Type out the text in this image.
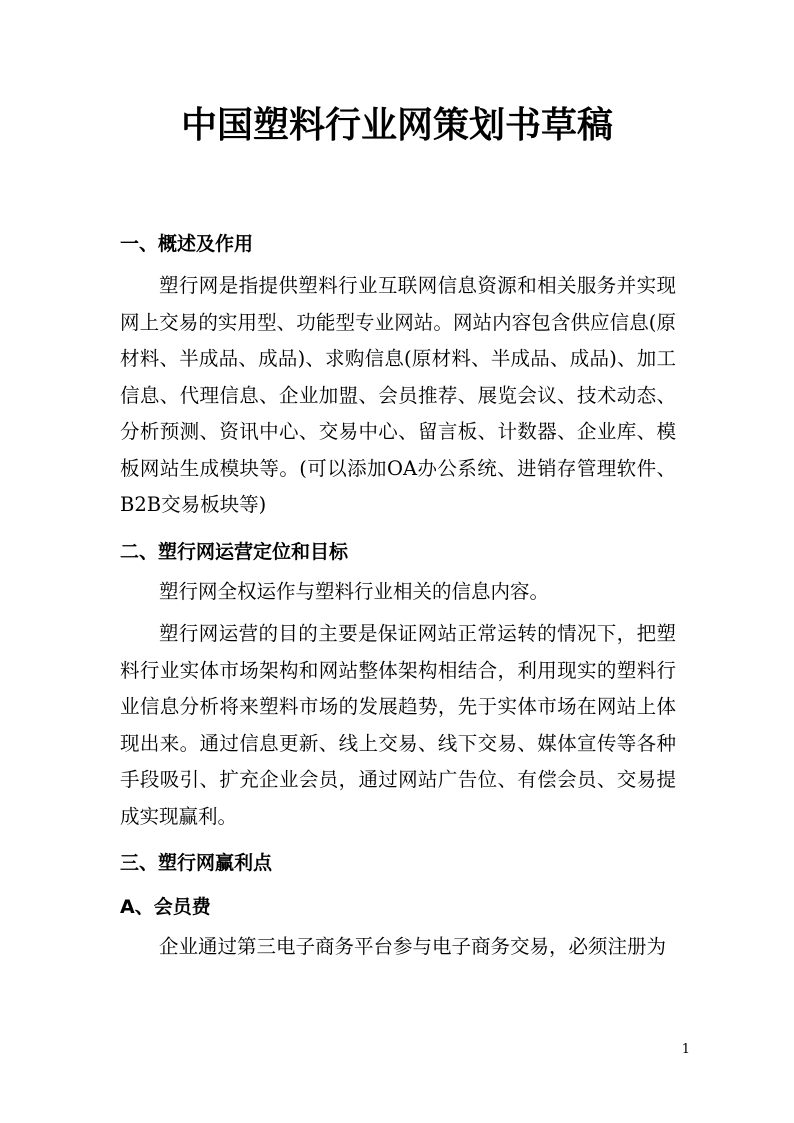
中国塑料行业网策划书草稿
一、概述及作用

塑行网是指提供塑料行业互联网信息资源和相关服务并实现网上交易的实用型、功能型专业网站。网站内容包含供应信息(原材料、半成品、成品)、求购信息(原材料、半成品、成品)、加工信息、代理信息、企业加盟、会员推荐、展览会议、技术动态、分析预测、资讯中心、交易中心、留言板、计数器、企业库、模板网站生成模块等。(可以添加OA办公系统、进销存管理软件、B2B交易板块等)

二、塑行网运营定位和目标

塑行网全权运作与塑料行业相关的信息内容。

塑行网运营的目的主要是保证网站正常运转的情况下，把塑料行业实体市场架构和网站整体架构相结合，利用现实的塑料行业信息分析将来塑料市场的发展趋势，先于实体市场在网站上体现出来。通过信息更新、线上交易、线下交易、媒体宣传等各种手段吸引、扩充企业会员，通过网站广告位、有偿会员、交易提成实现赢利。

三、塑行网赢利点
A、会员费

企业通过第三电子商务平台参与电子商务交易，必须注册为

1
